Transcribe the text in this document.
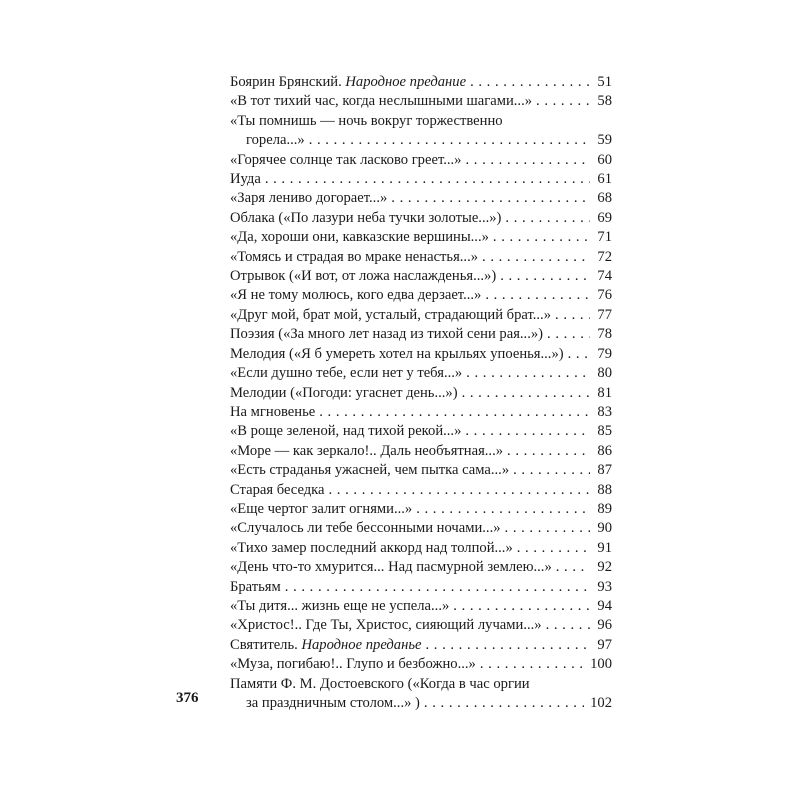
Боярин Брянский. Народное предание . . .	51
«В тот тихий час, когда неслышными шагами...» . . .	58
«Ты помнишь — ночь вокруг торжественно
горела...» . . .	59
«Горячее солнце так ласково греет...» . . .	60
Иуда . . .	61
«Заря лениво догорает...» . . .	68
Облака («По лазури неба тучки золотые...») . . .	69
«Да, хороши они, кавказские вершины...» . . .	71
«Томясь и страдая во мраке ненастья...» . . .	72
Отрывок («И вот, от ложа наслажденья...») . . .	74
«Я не тому молюсь, кого едва дерзает...» . . .	76
«Друг мой, брат мой, усталый, страдающий брат...» . . .	77
Поэзия («За много лет назад из тихой сени рая...») . . .	78
Мелодия («Я б умереть хотел на крыльях упоенья...») . . . 79
«Если душно тебе, если нет у тебя...» . . .	80
Мелодии («Погоди: угаснет день...») . . .	81
На мгновенье . . .	83
«В роще зеленой, над тихой рекой...» . . .	85
«Море — как зеркало!.. Даль необъятная...» . . .	86
«Есть страданья ужасней, чем пытка сама...» . . .	87
Старая беседка . . .	88
«Еще чертог залит огнями...» . . .	89
«Случалось ли тебе бессонными ночами...» . . .	90
«Тихо замер последний аккорд над толпой...» . . .	91
«День что-то хмурится... Над пасмурной землею...» . . .	92
Братьям . . .	93
«Ты дитя... жизнь еще не успела...» . . .	94
«Христос!.. Где Ты, Христос, сияющий лучами...» . . .	96
Святитель. Народное преданье . . .	97
«Муза, погибаю!.. Глупо и безбожно...» . . .	100
Памяти Ф. М. Достоевского («Когда в час оргии
за праздничным столом...» ) . . .	102
376
